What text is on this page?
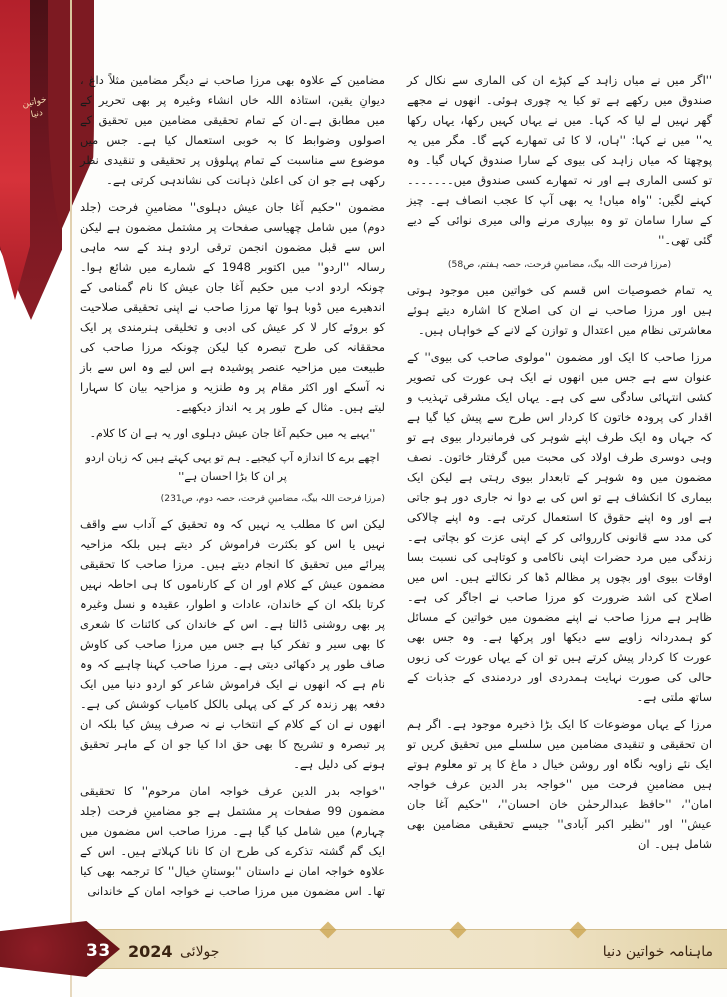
خواتین
دنیا

''اگر میں نے میاں زاہد کے کپڑے ان کی الماری سے نکال کر صندوق میں رکھے ہے تو کیا یہ چوری ہوئی۔ انھوں نے مجھے گھر نہیں لے لیا کہ کہا۔ میں نے یہاں کہیں رکھا، یہاں رکھا یہ'' میں نے کہا: ''ہاں، لا کا ئی تمھارے کہے گا۔ مگر میں یہ پوچھتا کہ میاں زاہد کی بیوی کے سارا صندوق کہاں گیا۔ وہ تو کسی الماری ہے اور نہ تمھارے کسی صندوق میں۔۔۔۔۔۔۔ کہنے لگیں: ''واہ میاں! یہ بھی آپ کا عجب انصاف ہے۔ چیز کے سارا سامان تو وہ بیپاری مرنے والی میری نوائی کے دیے گئی تھی۔''

(مرزا فرحت اللہ بیگ، مضامینِ فرحت، حصہ ہفتم، ص58)

یہ تمام خصوصیات اس قسم کی خواتین میں موجود ہوتی ہیں اور مرزا صاحب نے ان کی اصلاح کا اشارہ دیتے ہوئے معاشرتی نظام میں اعتدال و توازن کے لانے کے خواہاں ہیں۔

مرزا صاحب کا ایک اور مضمون ''مولوی صاحب کی بیوی'' کے عنوان سے ہے جس میں انھوں نے ایک ہی عورت کی تصویر کشی انتہائی سادگی سے کی ہے۔ یہاں ایک مشرقی تہذیب و اقدار کی پرودہ خاتون کا کردار اس طرح سے پیش کیا گیا ہے کہ جہاں وہ ایک طرف اپنے شوہر کی فرمانبردار بیوی ہے تو وہی دوسری طرف اولاد کی محبت میں گرفتار خاتون۔ نصف مضمون میں وہ شوہر کے تابعدار بیوی رہتی ہے لیکن ایک بیماری کا انکشاف ہے تو اس کی بے دوا نہ جاری دور ہو جاتی ہے اور وہ اپنے حقوق کا استعمال کرتی ہے۔ وہ اپنے چالاکی کی مدد سے قانونی کارروائی کر کے اپنی عزت کو بچاتی ہے۔ زندگی میں مرد حضرات اپنی ناکامی و کوتاہی کی نسبت بسا اوقات بیوی اور بچوں پر مظالم ڈھا کر نکالتے ہیں۔ اس میں اصلاح کی اشد ضرورت کو مرزا صاحب نے اجاگر کی ہے۔ ظاہر ہے مرزا صاحب نے اپنے مضمون میں خواتین کے مسائل کو ہمدردانہ زاویے سے دیکھا اور پرکھا ہے۔ وہ جس بھی عورت کا کردار پیش کرتے ہیں تو ان کے یہاں عورت کی زبوں حالی کی صورت نہایت ہمدردی اور دردمندی کے جذبات کے ساتھ ملتی ہے۔

مرزا کے یہاں موضوعات کا ایک بڑا ذخیرہ موجود ہے۔ اگر ہم ان تحقیقی و تنقیدی مضامین میں سلسلے میں تحقیق کریں تو ایک نئے زاویہ نگاہ اور روشن خیال د ماغ کا پر تو معلوم ہوتے ہیں مضامینِ فرحت میں ''خواجہ بدر الدین عرف خواجہ امان''، ''حافظ عبدالرحمٰن خان احسان''، ''حکیم آغا جان عیش'' اور ''نظیر اکبر آبادی'' جیسے تحقیقی مضامین بھی شامل ہیں۔ ان

مضامین کے علاوہ بھی مرزا صاحب نے دیگر مضامین مثلاً داغ ، دیوانِ یقین، استاذہ اللہ خاں انشاء وغیرہ پر بھی تحریر کے میں مطابق ہے۔ان کے تمام تحقیقی مضامین میں تحقیق کے اصولوں وضوابط کا بہ خوبی استعمال کیا ہے۔ جس میں موضوع سے مناسبت کے تمام پہلوؤں پر تحقیقی و تنقیدی نظر رکھی ہے جو ان کی اعلیٰ ذہانت کی نشاندہی کرتی ہے۔

مضمون ''حکیم آغا جان عیش دہلوی'' مضامینِ فرحت (جلد دوم) میں شامل چھیاسی صفحات پر مشتمل مضمون ہے لیکن اس سے قبل مضمون انجمن ترقی اردو ہند کے سہ ماہی رسالہ ''اردو'' میں اکتوبر 1948 کے شمارے میں شائع ہوا۔ چونکہ اردو ادب میں حکیم آغا جان عیش کا نام گمنامی کے اندھیرے میں ڈوبا ہوا تھا مرزا صاحب نے اپنی تحقیقی صلاحیت کو بروئے کار لا کر عیش کی ادبی و تخلیقی ہنرمندی پر ایک محققانہ کی طرح تبصرہ کیا لیکن چونکہ مرزا صاحب کی طبیعت میں مزاحیہ عنصر پوشیدہ ہے اس لیے وہ اس سے باز نہ آسکے اور اکثر مقام پر وہ طنزیہ و مزاحیہ بیان کا سہارا لیتے ہیں۔ مثال کے طور پر یہ انداز دیکھیے۔

''یہیے یہ میں حکیم آغا جان عیش دہلوی اور یہ ہے ان کا کلام۔

اچھے برے کا اندازہ آپ کیجیے۔ ہم تو یہی کہتے ہیں کہ زبان اردو پر ان کا بڑا احسان ہے''

(مرزا فرحت اللہ بیگ، مضامینِ فرحت، حصہ دوم، ص231)

لیکن اس کا مطلب یہ نہیں کہ وہ تحقیق کے آداب سے واقف نہیں یا اس کو بکثرت فراموش کر دیتے ہیں بلکہ مزاحیہ پیرائے میں تحقیق کا انجام دیتے ہیں۔ مرزا صاحب کا تحقیقی مضمون عیش کے کلام اور ان کے کارناموں کا ہی احاطہ نہیں کرتا بلکہ ان کے خاندان، عادات و اطوار، عقیدہ و نسل وغیرہ پر بھی روشنی ڈالتا ہے۔ اس کے خاندان کی کائنات کا شعری کا بھی سیر و تفکر کیا ہے جس میں مرزا صاحب کی کاوش صاف طور پر دکھائی دیتی ہے۔ مرزا صاحب کہنا چاہیے کہ وہ نام ہے کہ انھوں نے ایک فراموش شاعر کو اردو دنیا میں ایک دفعہ پھر زندہ کر کے کی پہلی بالکل کامیاب کوشش کی ہے۔ انھوں نے ان کے کلام کے انتخاب نے نہ صرف پیش کیا بلکہ ان پر تبصرہ و تشریح کا بھی حق ادا کیا جو ان کے ماہر تحقیق ہونے کی دلیل ہے۔

''خواجہ بدر الدین عرف خواجہ امان مرحوم'' کا تحقیقی مضمون 99 صفحات پر مشتمل ہے جو مضامینِ فرحت (جلد چہارم) میں شامل کیا گیا ہے۔ مرزا صاحب اس مضمون میں ایک گم گشتہ تذکرے کی طرح ان کا نانا کہلاتے ہیں۔ اس کے علاوہ خواجہ امان نے داستان ''بوستانِ خیال'' کا ترجمہ بھی کیا تھا۔ اس مضمون میں مرزا صاحب نے خواجہ امان کے خاندانی

33 2024 جولائی	ماہنامہ خواتین دنیا
